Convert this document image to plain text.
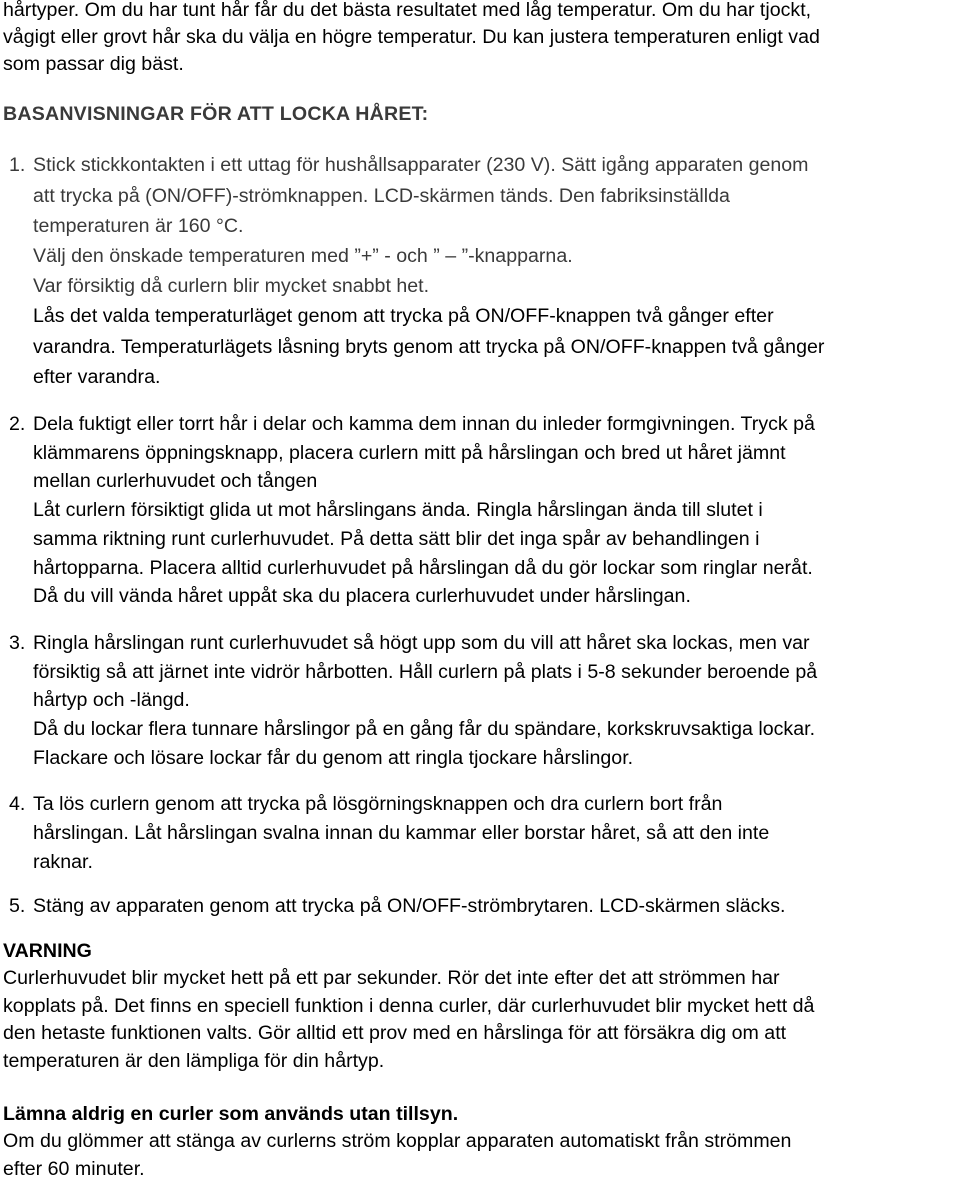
hårtyper. Om du har tunt hår får du det bästa resultatet med låg temperatur. Om du har tjockt,
vågigt eller grovt hår ska du välja en högre temperatur. Du kan justera temperaturen enligt vad
som passar dig bäst.
BASANVISNINGAR FÖR ATT LOCKA HÅRET:
1. Stick stickkontakten i ett uttag för hushållsapparater (230 V). Sätt igång apparaten genom
att trycka på (ON/OFF)-strömknappen. LCD-skärmen tänds. Den fabriksinställda
temperaturen är 160 °C.
Välj den önskade temperaturen med ”+” - och ” – ”-knapparna.
Var försiktig då curlern blir mycket snabbt het.
Lås det valda temperaturläget genom att trycka på ON/OFF-knappen två gånger efter
varandra. Temperaturlägets låsning bryts genom att trycka på ON/OFF-knappen två gånger
efter varandra.
2. Dela fuktigt eller torrt hår i delar och kamma dem innan du inleder formgivningen. Tryck på
klämmarens öppningsknapp, placera curlern mitt på hårslingan och bred ut håret jämnt
mellan curlerhuvudet och tången
Låt curlern försiktigt glida ut mot hårslingans ända. Ringla hårslingan ända till slutet i
samma riktning runt curlerhuvudet. På detta sätt blir det inga spår av behandlingen i
hårtopparna. Placera alltid curlerhuvudet på hårslingan då du gör lockar som ringlar neråt.
Då du vill vända håret uppåt ska du placera curlerhuvudet under hårslingan.
3. Ringla hårslingan runt curlerhuvudet så högt upp som du vill att håret ska lockas, men var
försiktig så att järnet inte vidrör hårbotten. Håll curlern på plats i 5-8 sekunder beroende på
hårtyp och -längd.
Då du lockar flera tunnare hårslingor på en gång får du spändare, korkskruvsaktiga lockar.
Flackare och lösare lockar får du genom att ringla tjockare hårslingor.
4. Ta lös curlern genom att trycka på lösgörningsknappen och dra curlern bort från
hårslingan. Låt hårslingan svalna innan du kammar eller borstar håret, så att den inte
raknar.
5. Stäng av apparaten genom att trycka på ON/OFF-strömbrytaren. LCD-skärmen släcks.
VARNING
Curlerhuvudet blir mycket hett på ett par sekunder. Rör det inte efter det att strömmen har
kopplats på. Det finns en speciell funktion i denna curler, där curlerhuvudet blir mycket hett då
den hetaste funktionen valts. Gör alltid ett prov med en hårslinga för att försäkra dig om att
temperaturen är den lämpliga för din hårtyp.
Lämna aldrig en curler som används utan tillsyn.
Om du glömmer att stänga av curlerns ström kopplar apparaten automatiskt från strömmen
efter 60 minuter.
